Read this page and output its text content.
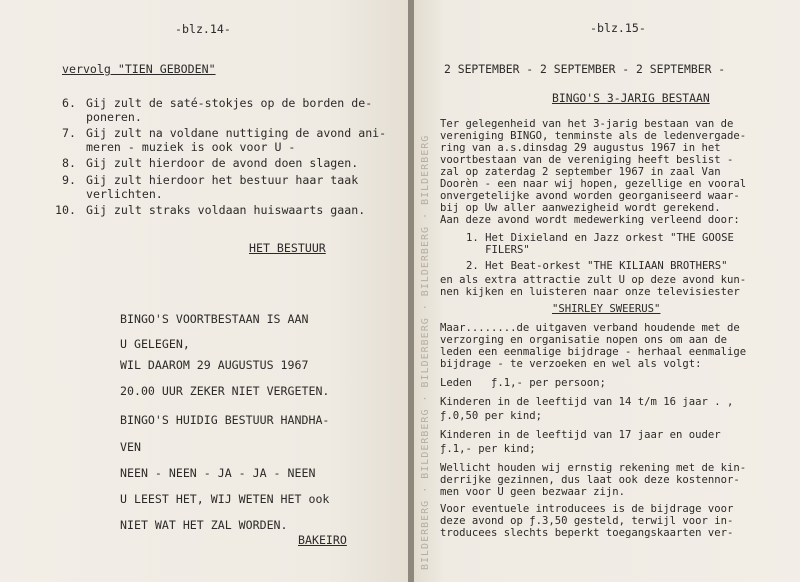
-blz.14-
vervolg "TIEN GEBODEN"
6. Gij zult de saté-stokjes op de borden de-
poneren.
7. Gij zult na voldane nuttiging de avond ani-
meren - muziek is ook voor U -
8. Gij zult hierdoor de avond doen slagen.
9. Gij zult hierdoor het bestuur haar taak
verlichten.
10. Gij zult straks voldaan huiswaarts gaan.
HET BESTUUR
BINGO'S VOORTBESTAAN IS AAN
U GELEGEN,
WIL DAAROM 29 AUGUSTUS 1967
20.00 UUR ZEKER NIET VERGETEN.
BINGO'S HUIDIG BESTUUR HANDHA-
VEN
NEEN - NEEN - JA - JA - NEEN
U LEEST HET, WIJ WETEN HET ook
NIET WAT HET ZAL WORDEN.
BAKEIRO
-blz.15-
BILDERBERG · BILDERBERG · BILDERBERG · BILDERBERG · BILDERBERG
2 SEPTEMBER - 2 SEPTEMBER - 2 SEPTEMBER -
BINGO'S 3-JARIG BESTAAN
Ter gelegenheid van het 3-jarig bestaan van de
vereniging BINGO, tenminste als de ledenvergade-
ring van a.s.dinsdag 29 augustus 1967 in het
voortbestaan van de vereniging heeft beslist -
zal op zaterdag 2 september 1967 in zaal Van
Doorèn - een naar wij hopen, gezellige en vooral
onvergetelijke avond worden georganiseerd waar-
bij op Uw aller aanwezigheid wordt gerekend.
Aan deze avond wordt medewerking verleend door:
1. Het Dixieland en Jazz orkest "THE GOOSE
FILERS"
2. Het Beat-orkest "THE KILIAAN BROTHERS"
en als extra attractie zult U op deze avond kun-
nen kijken en luisteren naar onze televisiester
"SHIRLEY SWEERUS"
Maar........de uitgaven verband houdende met de
verzorging en organisatie nopen ons om aan de
leden een eenmalige bijdrage - herhaal eenmalige
bijdrage - te verzoeken en wel als volgt:
Leden   ƒ.1,- per persoon;
Kinderen in de leeftijd van 14 t/m 16 jaar . ,
ƒ.0,50 per kind;
Kinderen in de leeftijd van 17 jaar en ouder
ƒ.1,- per kind;
Wellicht houden wij ernstig rekening met de kin-
derrijke gezinnen, dus laat ook deze kostennor-
men voor U geen bezwaar zijn.
Voor eventuele introducees is de bijdrage voor
deze avond op ƒ.3,50 gesteld, terwijl voor in-
troducees slechts beperkt toegangskaarten ver-
